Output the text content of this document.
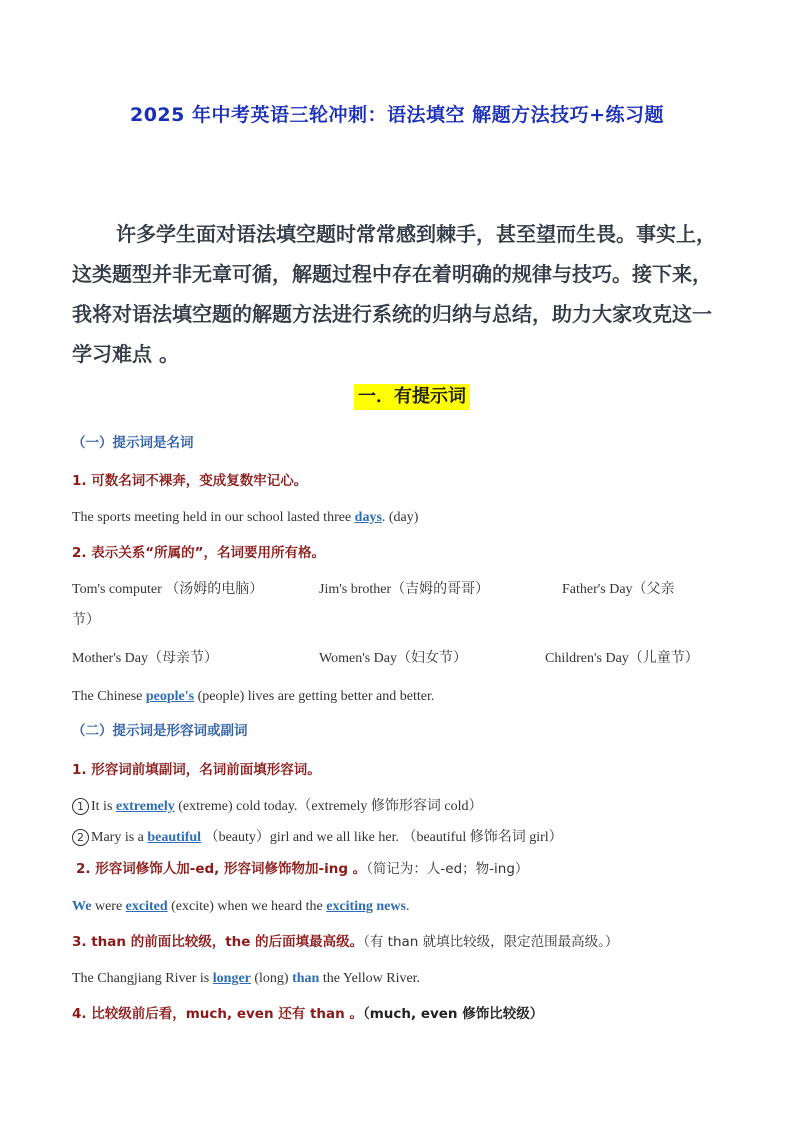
2025 年中考英语三轮冲刺：语法填空 解题方法技巧+练习题
许多学生面对语法填空题时常常感到棘手，甚至望而生畏。事实上，这类题型并非无章可循，解题过程中存在着明确的规律与技巧。接下来，我将对语法填空题的解题方法进行系统的归纳与总结，助力大家攻克这一学习难点 。
一．有提示词
（一）提示词是名词
1. 可数名词不裸奔，变成复数牢记心。
The sports meeting held in our school lasted three days. (day)
2. 表示关系“所属的”，名词要用所有格。
Tom's computer （汤姆的电脑）	Jim's brother（吉姆的哥哥）	Father's Day（父亲
节）
Mother's Day（母亲节）	Women's Day（妇女节）	Children's Day（儿童节）
The Chinese people's (people) lives are getting better and better.
（二）提示词是形容词或副词
1. 形容词前填副词，名词前面填形容词。
1 It is extremely (extreme) cold today.（extremely 修饰形容词 cold）
2 Mary is a beautiful （beauty）girl and we all like her. （beautiful 修饰名词 girl）
2. 形容词修饰人加-ed, 形容词修饰物加-ing 。（简记为：人-ed；物-ing）
We were excited (excite) when we heard the exciting news.
3. than 的前面比较级，the 的后面填最高级。（有 than 就填比较级，限定范围最高级。）
The Changjiang River is longer (long) than the Yellow River.
4. 比较级前后看，much, even 还有 than 。（much, even 修饰比较级）
